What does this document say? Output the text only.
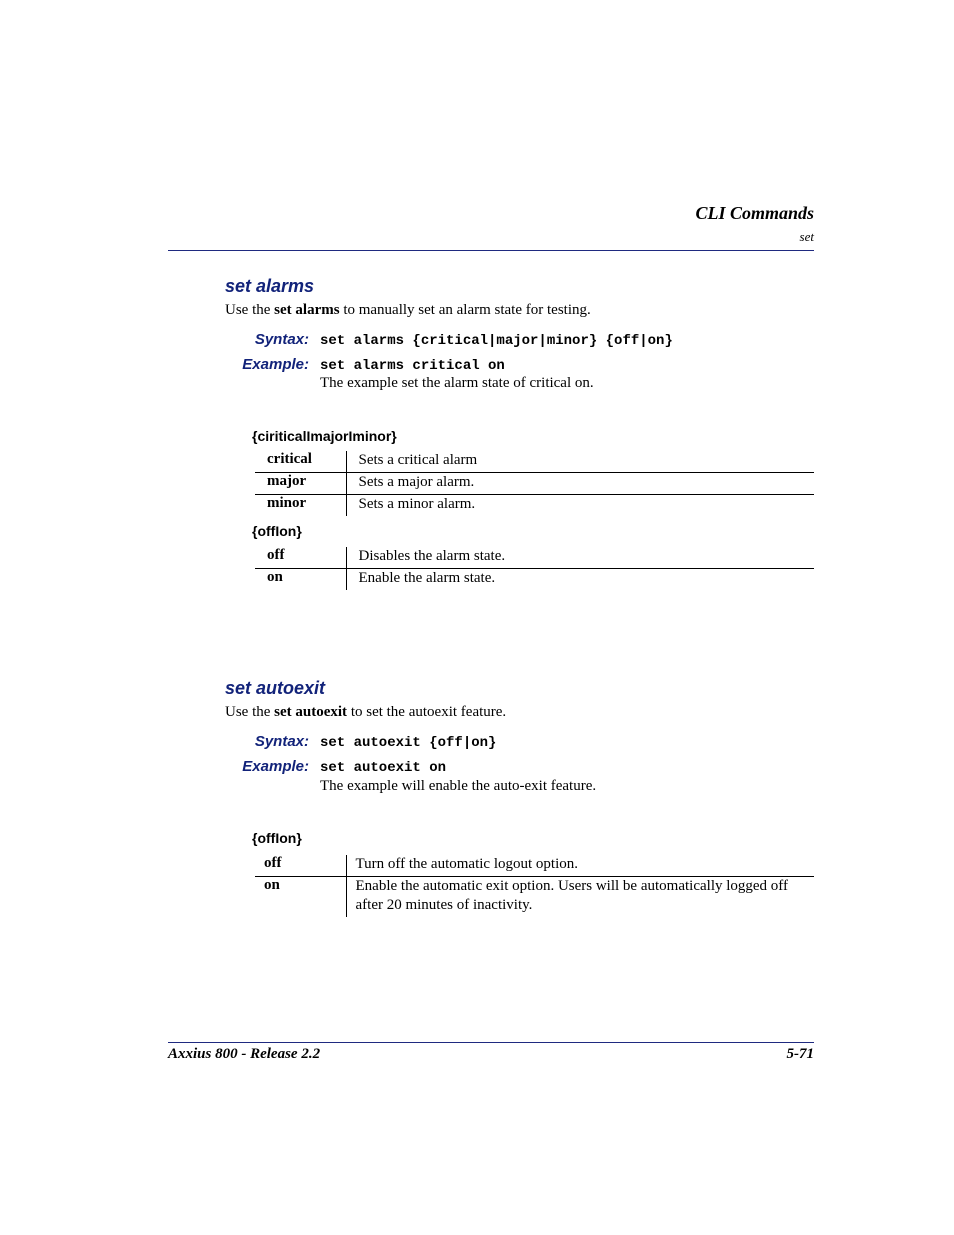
CLI Commands
set
set alarms
Use the set alarms to manually set an alarm state for testing.
Syntax: set alarms {critical|major|minor} {off|on}
Example: set alarms critical on
The example set the alarm state of critical on.
{ciriticalImajorIminor}
critical	Sets a critical alarm
major	Sets a major alarm.
minor	Sets a minor alarm.
{offIon}
off	Disables the alarm state.
on	Enable the alarm state.
set autoexit
Use the set autoexit to set the autoexit feature.
Syntax: set autoexit {off|on}
Example: set autoexit on
The example will enable the auto-exit feature.
{offIon}
off	Turn off the automatic logout option.
on	Enable the automatic exit option. Users will be automatically logged off after 20 minutes of inactivity.
Axxius 800 - Release 2.2	5-71
